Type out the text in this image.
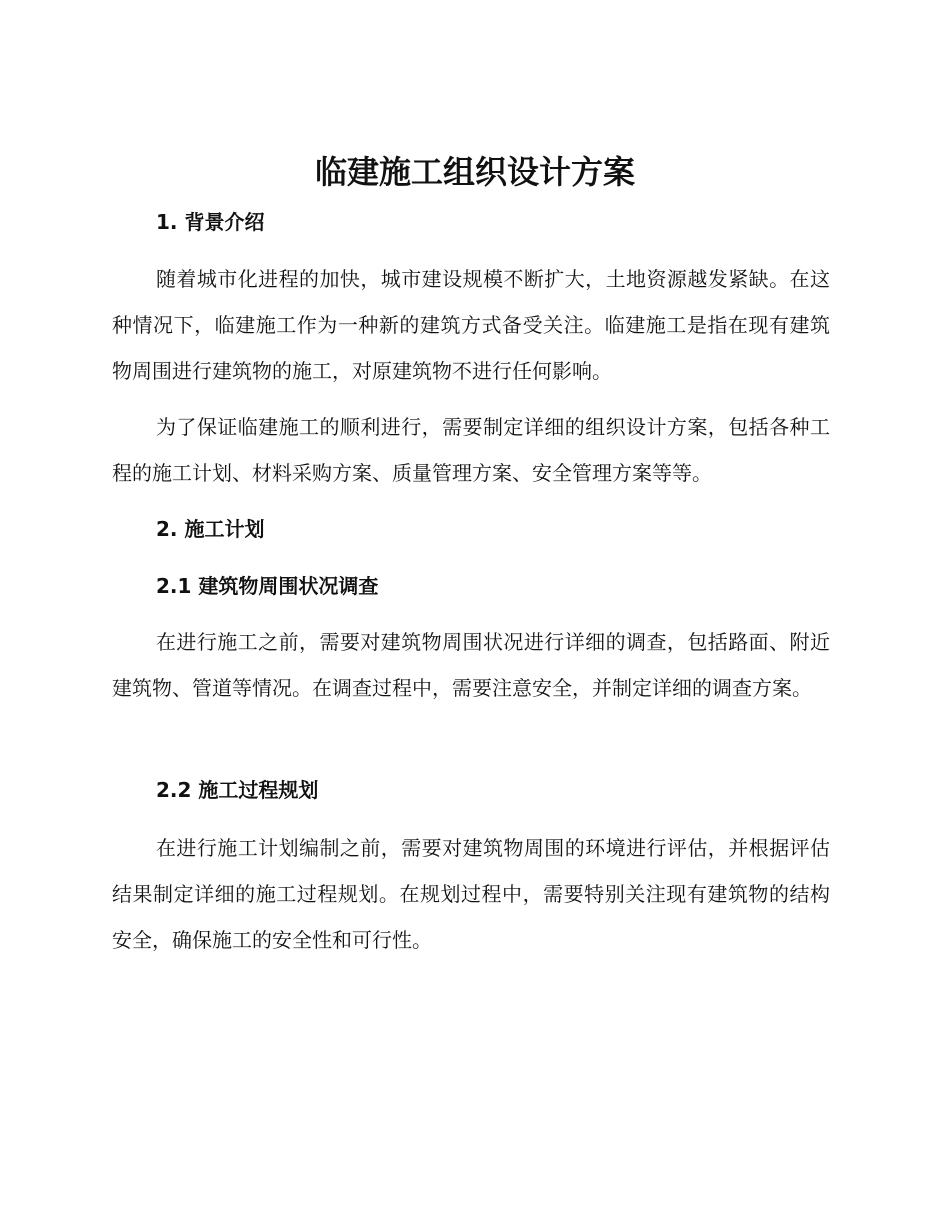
临建施工组织设计方案
1. 背景介绍
随着城市化进程的加快，城市建设规模不断扩大，土地资源越发紧缺。在这种情况下，临建施工作为一种新的建筑方式备受关注。临建施工是指在现有建筑物周围进行建筑物的施工，对原建筑物不进行任何影响。
为了保证临建施工的顺利进行，需要制定详细的组织设计方案，包括各种工程的施工计划、材料采购方案、质量管理方案、安全管理方案等等。
2. 施工计划
2.1 建筑物周围状况调查
在进行施工之前，需要对建筑物周围状况进行详细的调查，包括路面、附近建筑物、管道等情况。在调查过程中，需要注意安全，并制定详细的调查方案。
2.2 施工过程规划
在进行施工计划编制之前，需要对建筑物周围的环境进行评估，并根据评估结果制定详细的施工过程规划。在规划过程中，需要特别关注现有建筑物的结构安全，确保施工的安全性和可行性。
